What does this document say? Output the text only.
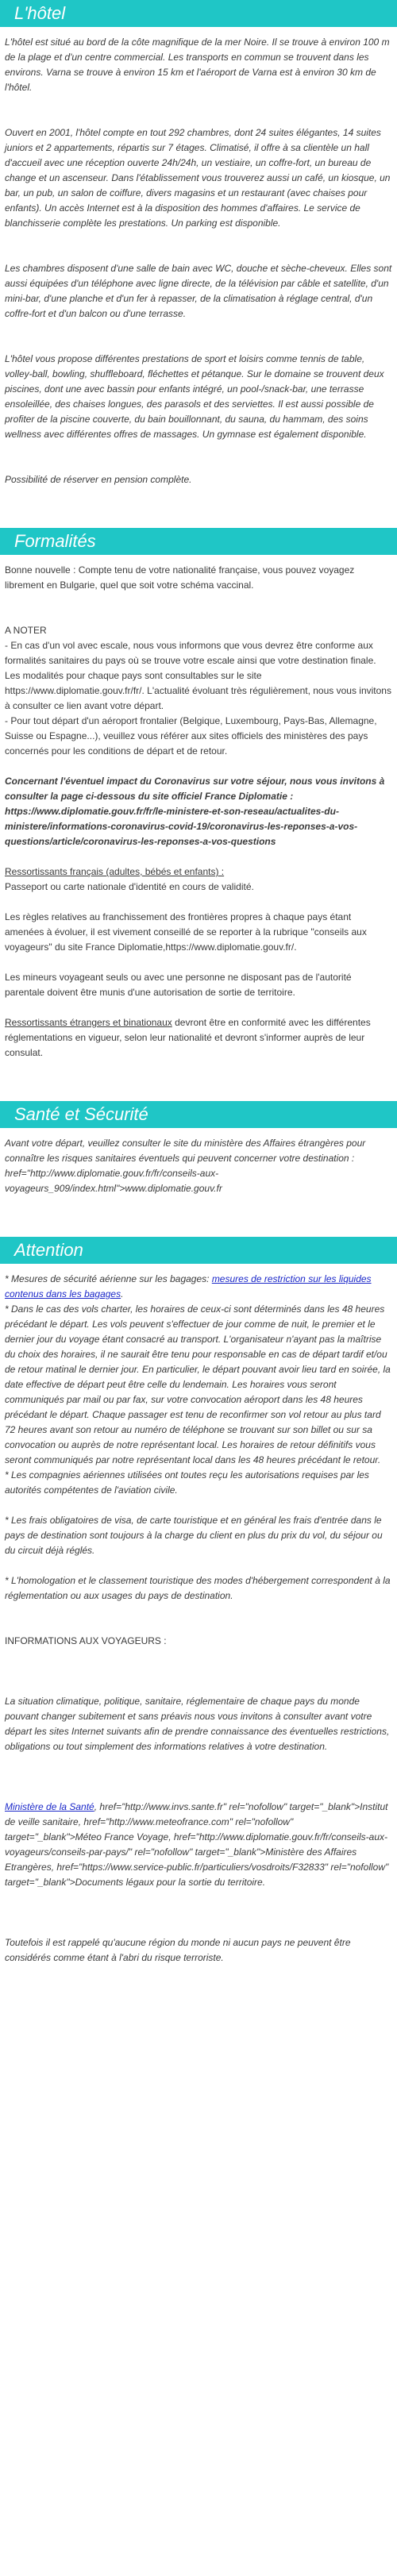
L'hôtel

L'hôtel est situé au bord de la côte magnifique de la mer Noire. Il se trouve à environ 100 m de la plage et d'un centre commercial. Les transports en commun se trouvent dans les environs. Varna se trouve à environ 15 km et l'aéroport de Varna est à environ 30 km de l'hôtel.

Ouvert en 2001, l'hôtel compte en tout 292 chambres, dont 24 suites élégantes, 14 suites juniors et 2 appartements, répartis sur 7 étages. Climatisé, il offre à sa clientèle un hall d'accueil avec une réception ouverte 24h/24h, un vestiaire, un coffre-fort, un bureau de change et un ascenseur. Dans l'établissement vous trouverez aussi un café, un kiosque, un bar, un pub, un salon de coiffure, divers magasins et un restaurant (avec chaises pour enfants). Un accès Internet est à la disposition des hommes d'affaires. Le service de blanchisserie complète les prestations. Un parking est disponible.

Les chambres disposent d'une salle de bain avec WC, douche et sèche-cheveux. Elles sont aussi équipées d'un téléphone avec ligne directe, de la télévision par câble et satellite, d'un mini-bar, d'une planche et d'un fer à repasser, de la climatisation à réglage central, d'un coffre-fort et d'un balcon ou d'une terrasse.

L'hôtel vous propose différentes prestations de sport et loisirs comme tennis de table, volley-ball, bowling, shuffleboard, fléchettes et pétanque. Sur le domaine se trouvent deux piscines, dont une avec bassin pour enfants intégré, un pool-/snack-bar, une terrasse ensoleillée, des chaises longues, des parasols et des serviettes. Il est aussi possible de profiter de la piscine couverte, du bain bouillonnant, du sauna, du hammam, des soins wellness avec différentes offres de massages. Un gymnase est également disponible.

Possibilité de réserver en pension complète.

Formalités

Bonne nouvelle : Compte tenu de votre nationalité française, vous pouvez voyagez librement en Bulgarie, quel que soit votre schéma vaccinal.

A NOTER

- En cas d'un vol avec escale, nous vous informons que vous devrez être conforme aux formalités sanitaires du pays où se trouve votre escale ainsi que votre destination finale.

Les modalités pour chaque pays sont consultables sur le site https://www.diplomatie.gouv.fr/fr/. L'actualité évoluant très régulièrement, nous vous invitons à consulter ce lien avant votre départ.

- Pour tout départ d'un aéroport frontalier (Belgique, Luxembourg, Pays-Bas, Allemagne, Suisse ou Espagne...), veuillez vous référer aux sites officiels des ministères des pays concernés pour les conditions de départ et de retour.

Concernant l'éventuel impact du Coronavirus sur votre séjour, nous vous invitons à consulter la page ci-dessous du site officiel France Diplomatie : https://www.diplomatie.gouv.fr/fr/le-ministere-et-son-reseau/actualites-du-ministere/informations-coronavirus-covid-19/coronavirus-les-reponses-a-vos-questions/article/coronavirus-les-reponses-a-vos-questions

Ressortissants français (adultes, bébés et enfants) :

Passeport ou carte nationale d'identité en cours de validité.

Les règles relatives au franchissement des frontières propres à chaque pays étant amenées à évoluer, il est vivement conseillé de se reporter à la rubrique "conseils aux voyageurs" du site France Diplomatie,https://www.diplomatie.gouv.fr/.

Les mineurs voyageant seuls ou avec une personne ne disposant pas de l'autorité parentale doivent être munis d'une autorisation de sortie de territoire.

Ressortissants étrangers et binationaux devront être en conformité avec les différentes réglementations en vigueur, selon leur nationalité et devront s'informer auprès de leur consulat.

Santé et Sécurité

Avant votre départ, veuillez consulter le site du ministère des Affaires étrangères pour connaître les risques sanitaires éventuels qui peuvent concerner votre destination : href="http://www.diplomatie.gouv.fr/fr/conseils-aux-voyageurs_909/index.html">www.diplomatie.gouv.fr

Attention

* Mesures de sécurité aérienne sur les bagages: mesures de restriction sur les liquides contenus dans les bagages.

* Dans le cas des vols charter, les horaires de ceux-ci sont déterminés dans les 48 heures précédant le départ. Les vols peuvent s'effectuer de jour comme de nuit, le premier et le dernier jour du voyage étant consacré au transport. L'organisateur n'ayant pas la maîtrise du choix des horaires, il ne saurait être tenu pour responsable en cas de départ tardif et/ou de retour matinal le dernier jour. En particulier, le départ pouvant avoir lieu tard en soirée, la date effective de départ peut être celle du lendemain. Les horaires vous seront communiqués par mail ou par fax, sur votre convocation aéroport dans les 48 heures précédant le départ. Chaque passager est tenu de reconfirmer son vol retour au plus tard 72 heures avant son retour au numéro de téléphone se trouvant sur son billet ou sur sa convocation ou auprès de notre représentant local. Les horaires de retour définitifs vous seront communiqués par notre représentant local dans les 48 heures précédant le retour.

* Les compagnies aériennes utilisées ont toutes reçu les autorisations requises par les autorités compétentes de l'aviation civile.

* Les frais obligatoires de visa, de carte touristique et en général les frais d'entrée dans le pays de destination sont toujours à la charge du client en plus du prix du vol, du séjour ou du circuit déjà réglés.

* L'homologation et le classement touristique des modes d'hébergement correspondent à la réglementation ou aux usages du pays de destination.

INFORMATIONS AUX VOYAGEURS :

La situation climatique, politique, sanitaire, réglementaire de chaque pays du monde pouvant changer subitement et sans préavis nous vous invitons à consulter avant votre départ les sites Internet suivants afin de prendre connaissance des éventuelles restrictions, obligations ou tout simplement des informations relatives à votre destination.

Ministère de la Santé, href="http://www.invs.sante.fr" rel="nofollow" target="_blank">Institut de veille sanitaire, href="http://www.meteofrance.com" rel="nofollow" target="_blank">Méteo France Voyage, href="http://www.diplomatie.gouv.fr/fr/conseils-aux-voyageurs/conseils-par-pays/" rel="nofollow" target="_blank">Ministère des Affaires Etrangères, href="https://www.service-public.fr/particuliers/vosdroits/F32833" rel="nofollow" target="_blank">Documents légaux pour la sortie du territoire.

Toutefois il est rappelé qu'aucune région du monde ni aucun pays ne peuvent être considérés comme étant à l'abri du risque terroriste.
